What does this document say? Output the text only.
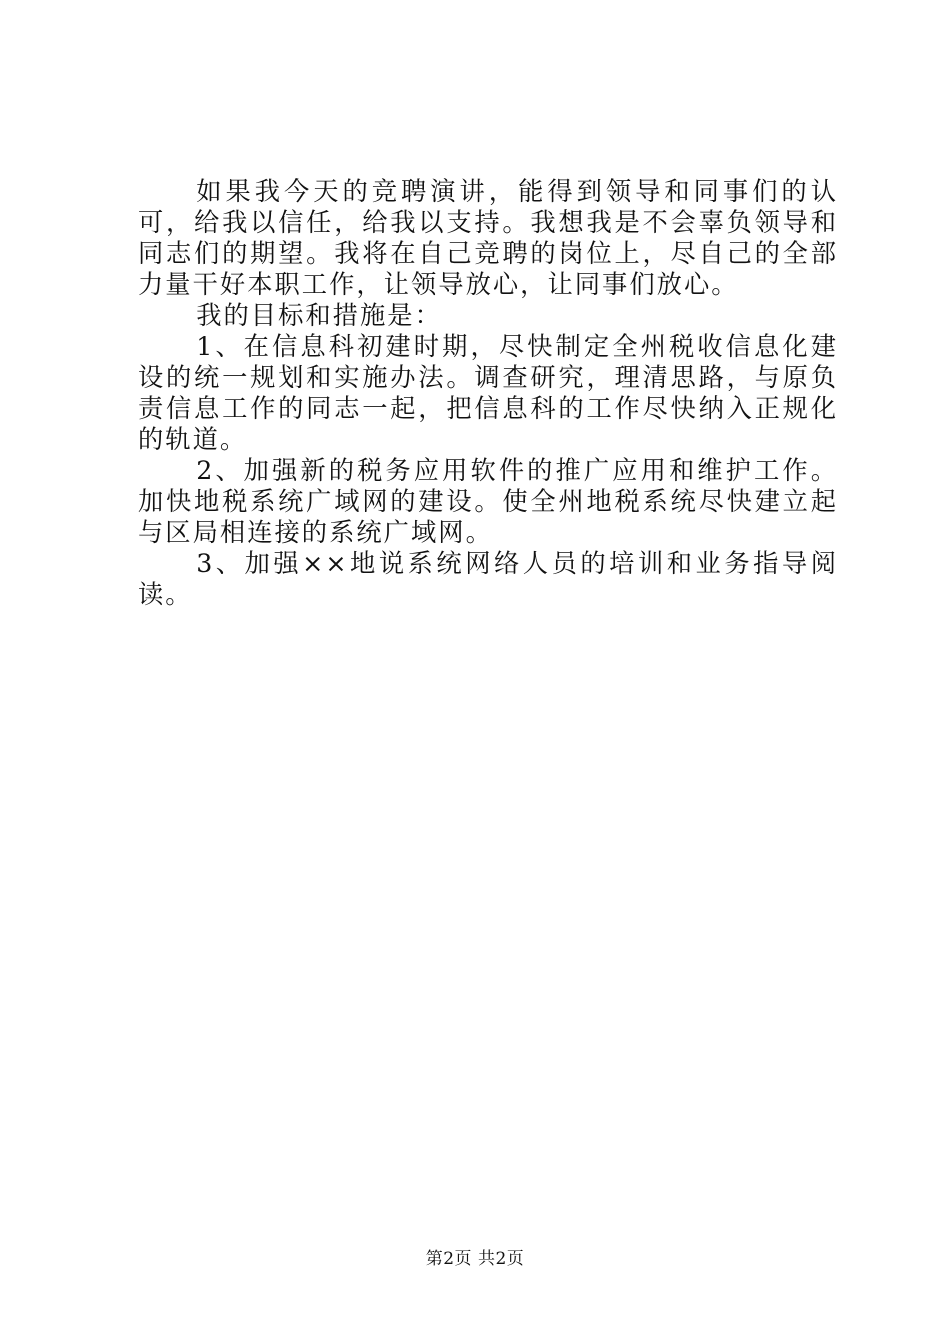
如果我今天的竞聘演讲，能得到领导和同事们的认可，给我以信任，给我以支持。我想我是不会辜负领导和同志们的期望。我将在自己竞聘的岗位上，尽自己的全部力量干好本职工作，让领导放心，让同事们放心。

我的目标和措施是：

1、在信息科初建时期，尽快制定全州税收信息化建设的统一规划和实施办法。调查研究，理清思路，与原负责信息工作的同志一起，把信息科的工作尽快纳入正规化的轨道。

2、加强新的税务应用软件的推广应用和维护工作。加快地税系统广域网的建设。使全州地税系统尽快建立起与区局相连接的系统广域网。

3、加强××地说系统网络人员的培训和业务指导阅读。

第2页 共2页
